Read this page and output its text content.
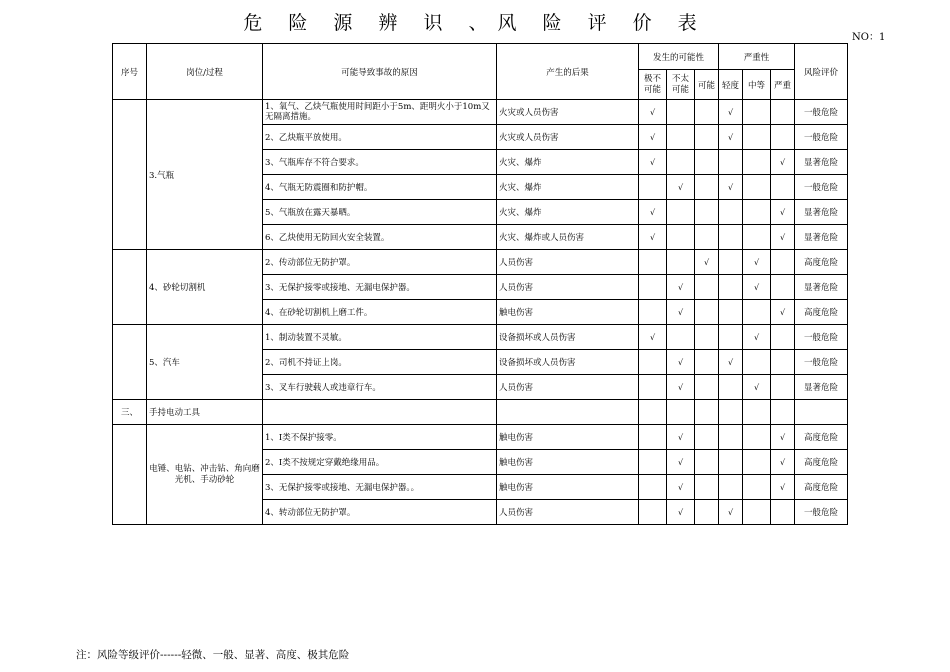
危 险 源 辨 识 、风 险 评 价 表
NO：1
序号	岗位/过程	可能导致事故的原因	产生的后果	发生的可能性			严重性			风险评价
				极不可能	不太可能	可能	轻度	中等	严重	
	3.气瓶	1、氧气、乙炔气瓶使用时间距小于5m、距明火小于10m又无隔离措施。	火灾或人员伤害	√			√			一般危险
		2、乙炔瓶平放使用。	火灾或人员伤害	√			√			一般危险
		3、气瓶库存不符合要求。	火灾、爆炸	√					√	显著危险
		4、气瓶无防震圈和防护帽。	火灾、爆炸		√		√			一般危险
		5、气瓶放在露天暴晒。	火灾、爆炸	√					√	显著危险
		6、乙炔使用无防回火安全装置。	火灾、爆炸或人员伤害	√					√	显著危险
	4、砂轮切割机	2、传动部位无防护罩。	人员伤害			√		√		高度危险
		3、无保护接零或接地、无漏电保护器。	人员伤害		√			√		显著危险
		4、在砂轮切割机上磨工件。	触电伤害		√				√	高度危险
	5、汽车	1、制动装置不灵敏。	设备损坏或人员伤害	√				√		一般危险
		2、司机不持证上岗。	设备损坏或人员伤害		√		√			一般危险
		3、叉车行驶载人或违章行车。	人员伤害		√			√		显著危险
三、	手持电动工具									
	电锤、电钻、冲击钻、角向磨光机、手动砂轮	1、Ⅰ类不保护接零。	触电伤害		√				√	高度危险
		2、Ⅰ类不按规定穿戴绝缘用品。	触电伤害		√				√	高度危险
		3、无保护接零或接地、无漏电保护器。。	触电伤害		√				√	高度危险
		4、转动部位无防护罩。	人员伤害		√		√			一般危险
注：风险等级评价------轻微、一般、显著、高度、极其危险
